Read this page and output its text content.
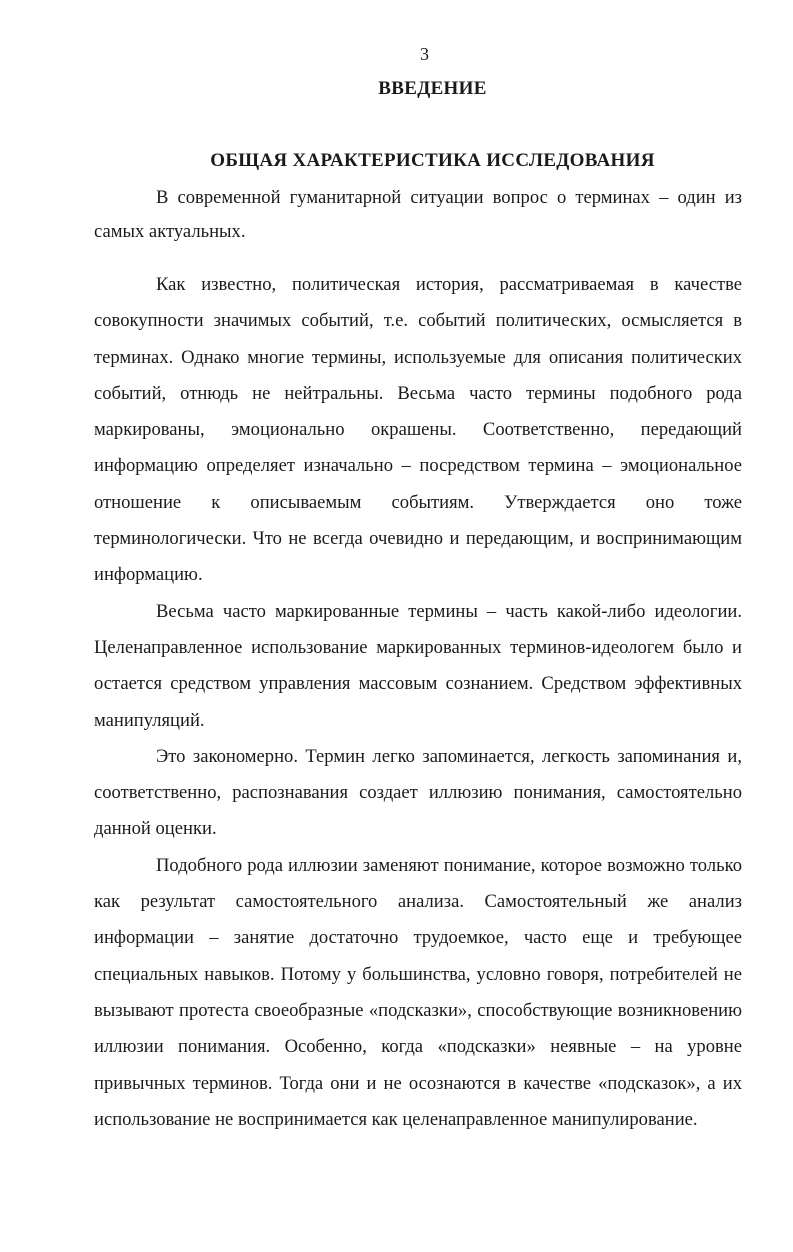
3
ВВЕДЕНИЕ
ОБЩАЯ ХАРАКТЕРИСТИКА ИССЛЕДОВАНИЯ

В современной гуманитарной ситуации вопрос о терминах – один из самых актуальных.

Как известно, политическая история, рассматриваемая в качестве совокупности значимых событий, т.е. событий политических, осмысляется в терминах. Однако многие термины, используемые для описания политических событий, отнюдь не нейтральны. Весьма часто термины подобного рода маркированы, эмоционально окрашены. Соответственно, передающий информацию определяет изначально – посредством термина – эмоциональное отношение к описываемым событиям. Утверждается оно тоже терминологически. Что не всегда очевидно и передающим, и воспринимающим информацию.

Весьма часто маркированные термины – часть какой-либо идеологии. Целенаправленное использование маркированных терминов-идеологем было и остается средством управления массовым сознанием. Средством эффективных манипуляций.

Это закономерно. Термин легко запоминается, легкость запоминания и, соответственно, распознавания создает иллюзию понимания, самостоятельно данной оценки.

Подобного рода иллюзии заменяют понимание, которое возможно только как результат самостоятельного анализа. Самостоятельный же анализ информации – занятие достаточно трудоемкое, часто еще и требующее специальных навыков. Потому у большинства, условно говоря, потребителей не вызывают протеста своеобразные «подсказки», способствующие возникновению иллюзии понимания. Особенно, когда «подсказки» неявные – на уровне привычных терминов. Тогда они и не осознаются в качестве «подсказок», а их использование не воспринимается как целенаправленное манипулирование.
